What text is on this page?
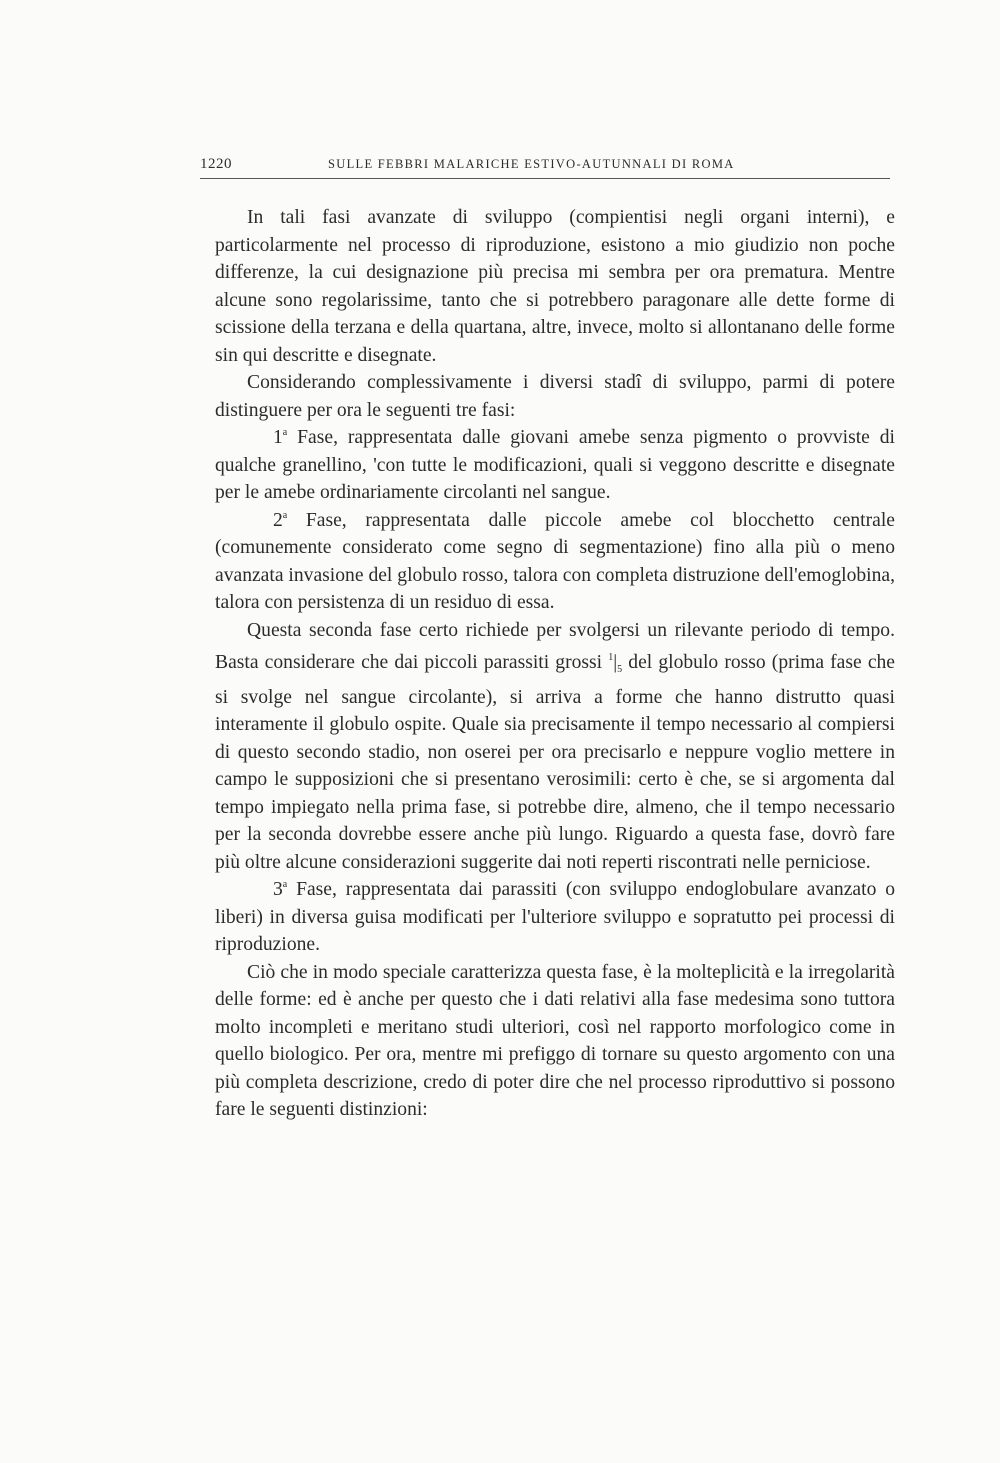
1220	SULLE FEBBRI MALARICHE ESTIVO-AUTUNNALI DI ROMA

In tali fasi avanzate di sviluppo (compientisi negli organi interni), e particolarmente nel processo di riproduzione, esistono a mio giudizio non poche differenze, la cui designazione più precisa mi sembra per ora prematura. Mentre alcune sono regolarissime, tanto che si potrebbero paragonare alle dette forme di scissione della terzana e della quartana, altre, invece, molto si allontanano delle forme sin qui descritte e disegnate.

Considerando complessivamente i diversi stadî di sviluppo, parmi di potere distinguere per ora le seguenti tre fasi:

1$^a$ Fase, rappresentata dalle giovani amebe senza pigmento o provviste di qualche granellino, 'con tutte le modificazioni, quali si veggono descritte e disegnate per le amebe ordinariamente circolanti nel sangue.

2$^a$ Fase, rappresentata dalle piccole amebe col blocchetto centrale (comunemente considerato come segno di segmentazione) fino alla più o meno avanzata invasione del globulo rosso, talora con completa distruzione dell'emoglobina, talora con persistenza di un residuo di essa.

Questa seconda fase certo richiede per svolgersi un rilevante periodo di tempo. Basta considerare che dai piccoli parassiti grossi $^1|_5$ del globulo rosso (prima fase che si svolge nel sangue circolante), si arriva a forme che hanno distrutto quasi interamente il globulo ospite. Quale sia precisamente il tempo necessario al compiersi di questo secondo stadio, non oserei per ora precisarlo e neppure voglio mettere in campo le supposizioni che si presentano verosimili: certo è che, se si argomenta dal tempo impiegato nella prima fase, si potrebbe dire, almeno, che il tempo necessario per la seconda dovrebbe essere anche più lungo. Riguardo a questa fase, dovrò fare più oltre alcune considerazioni suggerite dai noti reperti riscontrati nelle perniciose.

3$^a$ Fase, rappresentata dai parassiti (con sviluppo endoglobulare avanzato o liberi) in diversa guisa modificati per l'ulteriore sviluppo e sopratutto pei processi di riproduzione.

Ciò che in modo speciale caratterizza questa fase, è la molteplicità e la irregolarità delle forme: ed è anche per questo che i dati relativi alla fase medesima sono tuttora molto incompleti e meritano studi ulteriori, così nel rapporto morfologico come in quello biologico. Per ora, mentre mi prefiggo di tornare su questo argomento con una più completa descrizione, credo di poter dire che nel processo riproduttivo si possono fare le seguenti distinzioni:
